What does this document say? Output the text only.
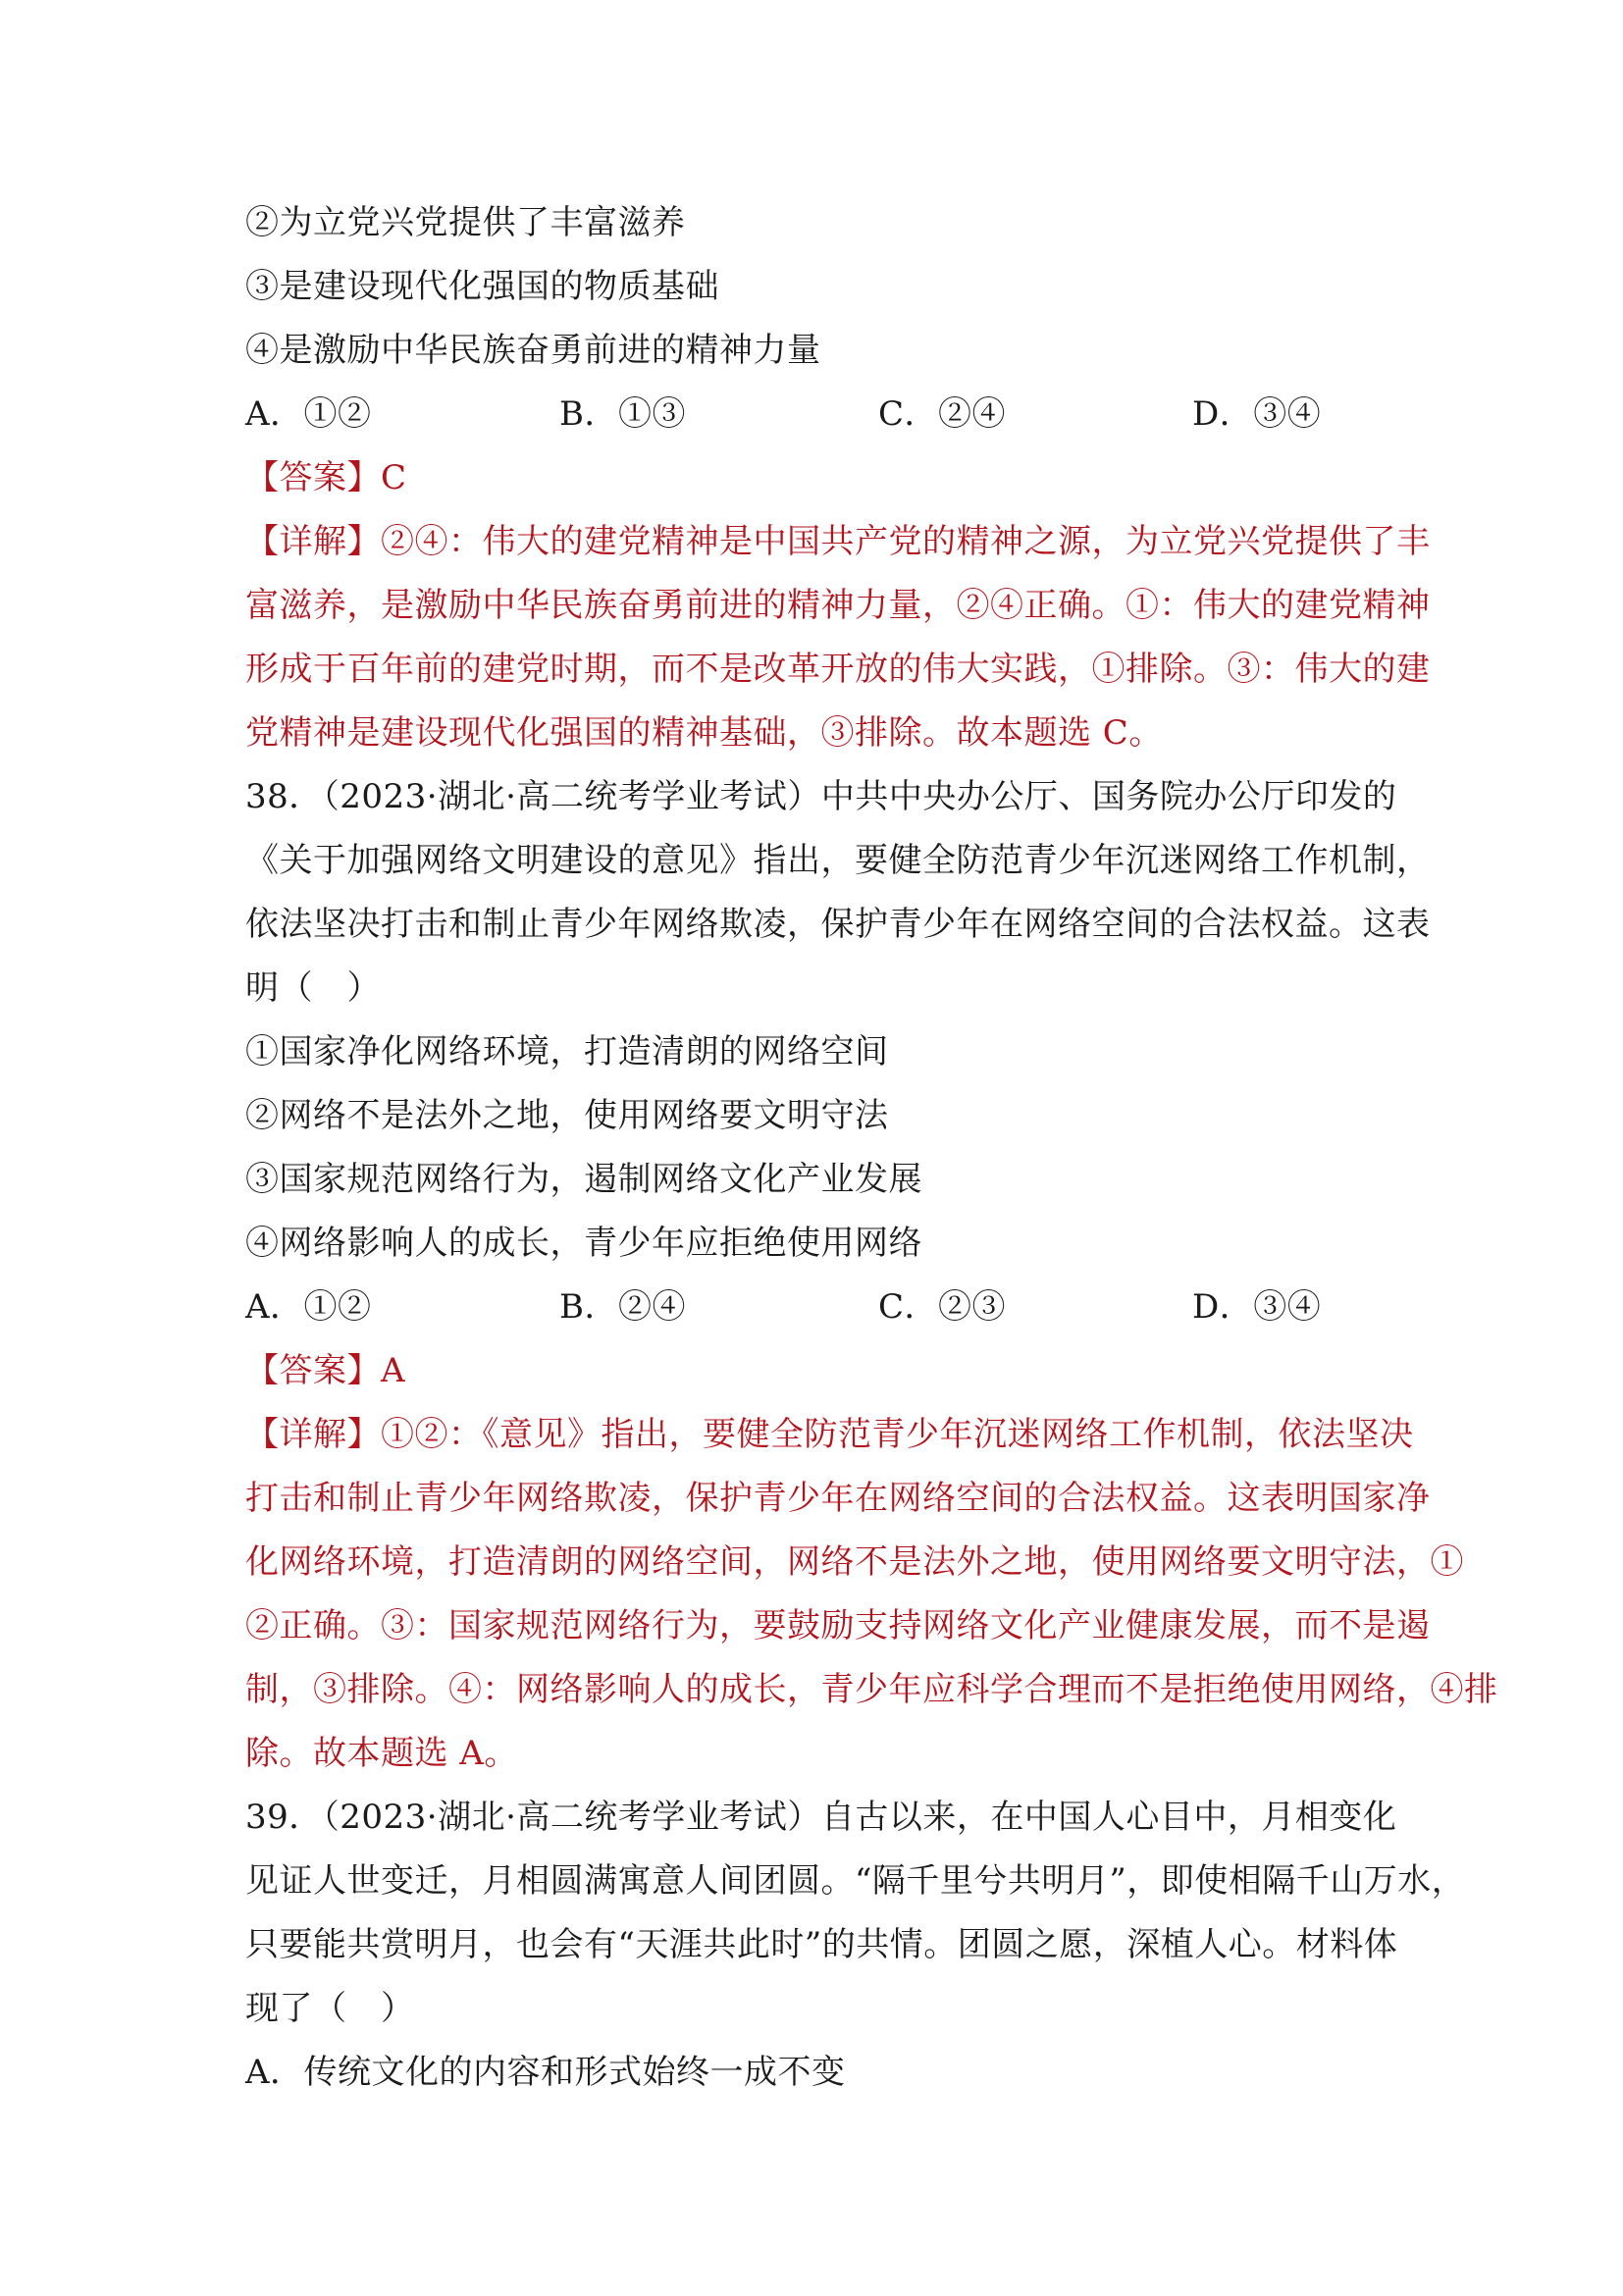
②为立党兴党提供了丰富滋养
③是建设现代化强国的物质基础
④是激励中华民族奋勇前进的精神力量
A．①②	B．①③	C．②④	D．③④
【答案】C
【详解】②④：伟大的建党精神是中国共产党的精神之源，为立党兴党提供了丰
富滋养，是激励中华民族奋勇前进的精神力量，②④正确。①：伟大的建党精神
形成于百年前的建党时期，而不是改革开放的伟大实践，①排除。③：伟大的建
党精神是建设现代化强国的精神基础，③排除。故本题选 C。
38．（2023·湖北·高二统考学业考试）中共中央办公厅、国务院办公厅印发的
《关于加强网络文明建设的意见》指出，要健全防范青少年沉迷网络工作机制，
依法坚决打击和制止青少年网络欺凌，保护青少年在网络空间的合法权益。这表
明（　）
①国家净化网络环境，打造清朗的网络空间
②网络不是法外之地，使用网络要文明守法
③国家规范网络行为，遏制网络文化产业发展
④网络影响人的成长，青少年应拒绝使用网络
A．①②	B．②④	C．②③	D．③④
【答案】A
【详解】①②：《意见》指出，要健全防范青少年沉迷网络工作机制，依法坚决
打击和制止青少年网络欺凌，保护青少年在网络空间的合法权益。这表明国家净
化网络环境，打造清朗的网络空间，网络不是法外之地，使用网络要文明守法，①
②正确。③：国家规范网络行为，要鼓励支持网络文化产业健康发展，而不是遏
制，③排除。④：网络影响人的成长，青少年应科学合理而不是拒绝使用网络，④排
除。故本题选 A。
39．（2023·湖北·高二统考学业考试）自古以来，在中国人心目中，月相变化
见证人世变迁，月相圆满寓意人间团圆。“隔千里兮共明月”，即使相隔千山万水，
只要能共赏明月，也会有“天涯共此时”的共情。团圆之愿，深植人心。材料体
现了（　）
A．传统文化的内容和形式始终一成不变
